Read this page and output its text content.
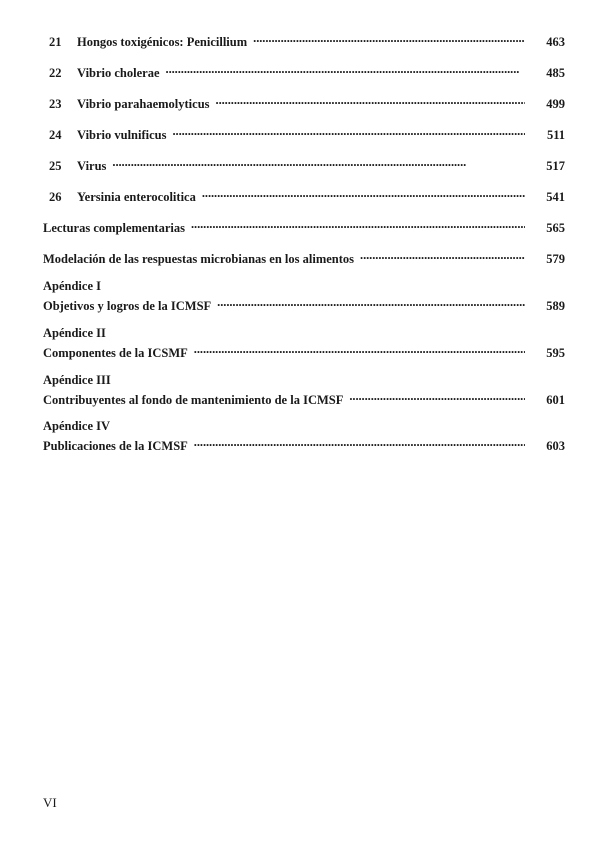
21	Hongos toxigénicos: Penicillium . . .	463
22	Vibrio cholerae . . .	485
23	Vibrio parahaemolyticus . . .	499
24	Vibrio vulnificus . . .	511
25	Virus . . .	517
26	Yersinia enterocolitica . . .	541
Lecturas complementarias . . .	565
Modelación de las respuestas microbianas en los alimentos . . .	579
Apéndice I
Objetivos y logros de la ICMSF . . .	589
Apéndice II
Componentes de la ICSMF . . .	595
Apéndice III
Contribuyentes al fondo de mantenimiento de la ICMSF . . .	601
Apéndice IV
Publicaciones de la ICMSF . . .	603
VI
